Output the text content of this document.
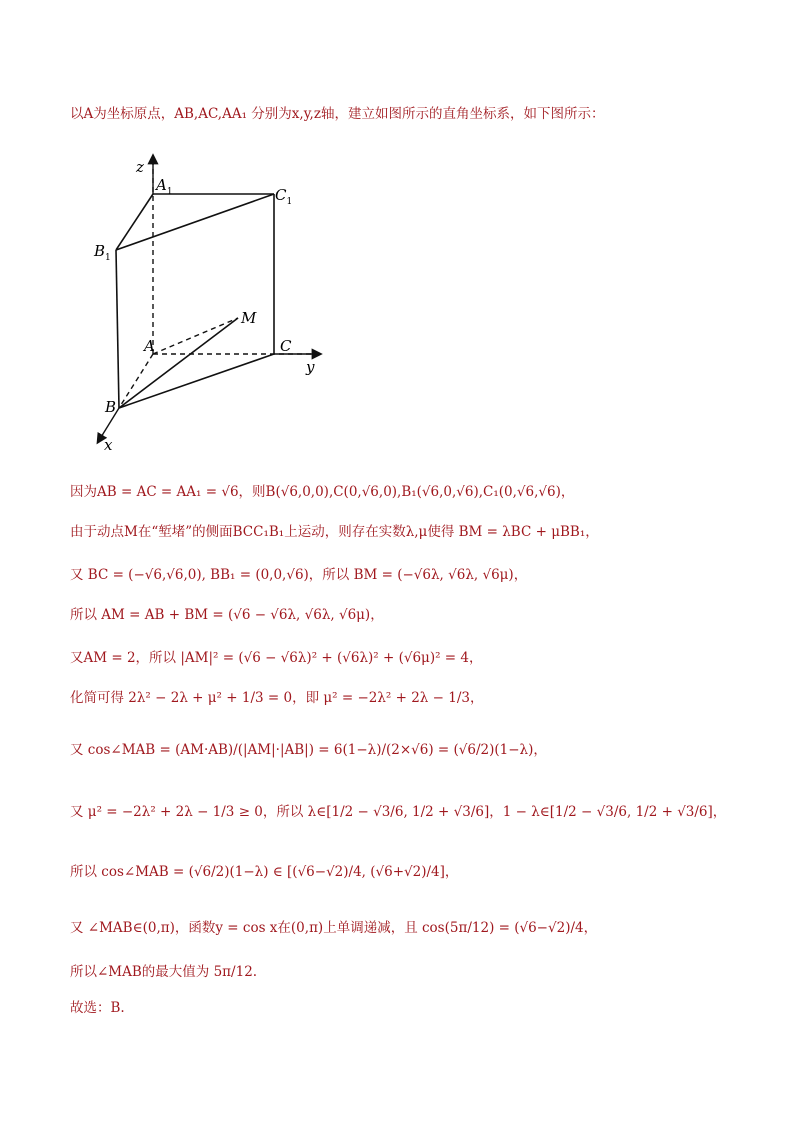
以A为坐标原点，AB,AC,AA₁ 分别为x,y,z轴，建立如图所示的直角坐标系，如下图所示：
z
$A_1$	$C_1$
$B_1$
M
A	C
y
B
x
因为AB = AC = AA₁ = √6，则B(√6,0,0),C(0,√6,0),B₁(√6,0,√6),C₁(0,√6,√6)，
由于动点M在“堑堵”的侧面BCC₁B₁上运动，则存在实数λ,μ使得 BM = λBC + μBB₁，
又 BC = (−√6,√6,0), BB₁ = (0,0,√6)，所以 BM = (−√6λ, √6λ, √6μ)，
所以 AM = AB + BM = (√6 − √6λ, √6λ, √6μ)，
又AM = 2，所以 |AM|² = (√6 − √6λ)² + (√6λ)² + (√6μ)² = 4，
化简可得 2λ² − 2λ + μ² + 1/3 = 0，即 μ² = −2λ² + 2λ − 1/3，
又 cos∠MAB = (AM·AB)/(|AM|·|AB|) = 6(1−λ)/(2×√6) = (√6/2)(1−λ)，
又 μ² = −2λ² + 2λ − 1/3 ≥ 0，所以 λ∈[1/2 − √3/6, 1/2 + √3/6]，1 − λ∈[1/2 − √3/6, 1/2 + √3/6]，
所以 cos∠MAB = (√6/2)(1−λ) ∈ [(√6−√2)/4, (√6+√2)/4]，
又 ∠MAB∈(0,π)，函数y = cos x在(0,π)上单调递减，且 cos(5π/12) = (√6−√2)/4，
所以∠MAB的最大值为 5π/12.
故选：B.
